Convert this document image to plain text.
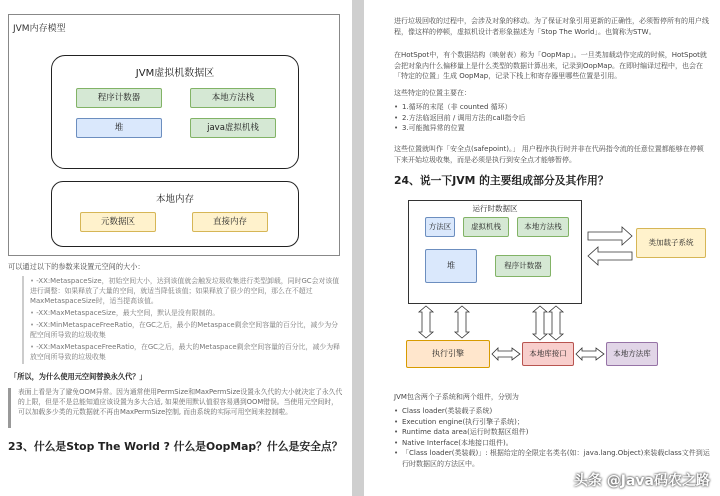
JVM内存模型
JVM虚拟机数据区
程序计数器	本地方法栈
堆	java虚拟机栈
本地内存
元数据区	直接内存
可以通过以下的参数来设置元空间的大小：
• -XX:MetaspaceSize，初始空间大小，达到该值就会触发垃圾收集进行类型卸载，同时GC会对该值进行调整：如果释放了大量的空间，就适当降低该值；如果释放了很少的空间，那么在不超过MaxMetaspaceSize时，适当提高该值。
• -XX:MaxMetaspaceSize，最大空间，默认是没有限制的。
• -XX:MinMetaspaceFreeRatio，在GC之后，最小的Metaspace剩余空间容量的百分比，减少为分配空间所导致的垃圾收集
• -XX:MaxMetaspaceFreeRatio，在GC之后，最大的Metaspace剩余空间容量的百分比，减少为释放空间所导致的垃圾收集
「所以，为什么使用元空间替换永久代？」
表面上看是为了避免OOM异常。因为通常使用PermSize和MaxPermSize设置永久代的大小就决定了永久代的上限，但是不是总能知道应该设置为多大合适, 如果使用默认值很容易遇到OOM错误。当使用元空间时，可以加载多少类的元数据就不再由MaxPermSize控制, 而由系统的实际可用空间来控制啦。
23、什么是Stop The World ? 什么是OopMap？什么是安全点？
进行垃圾回收的过程中，会涉及对象的移动。为了保证对象引用更新的正确性，必须暂停所有的用户线程，像这样的停顿，虚拟机设计者形象描述为「Stop The World」。也简称为STW。
在HotSpot中，有个数据结构（映射表）称为「OopMap」。一旦类加载动作完成的时候，HotSpot就会把对象内什么偏移量上是什么类型的数据计算出来，记录到OopMap。在即时编译过程中，也会在「特定的位置」生成 OopMap，记录下栈上和寄存器里哪些位置是引用。
这些特定的位置主要在：
• 1.循环的末尾（非 counted 循环）
• 2.方法临返回前 / 调用方法的call指令后
• 3.可能抛异常的位置
这些位置就叫作「安全点(safepoint)。」 用户程序执行时并非在代码指令流的任意位置都能够在停顿下来开始垃圾收集，而是必须是执行到安全点才能够暂停。
24、说一下JVM 的主要组成部分及其作用？
运行时数据区
方法区	虚拟机栈	本地方法栈
堆	程序计数器
类加载子系统
执行引擎	本地库接口	本地方法库
JVM包含两个子系统和两个组件，分别为
• Class loader(类装载子系统)
• Execution engine(执行引擎子系统)；
• Runtime data area(运行时数据区组件)
• Native Interface(本地接口组件)。
• 「Class loader(类装载)」: 根据给定的全限定名类名(如：java.lang.Object)来装载class文件到运行时数据区的方法区中。
头条 @Java码农之路
